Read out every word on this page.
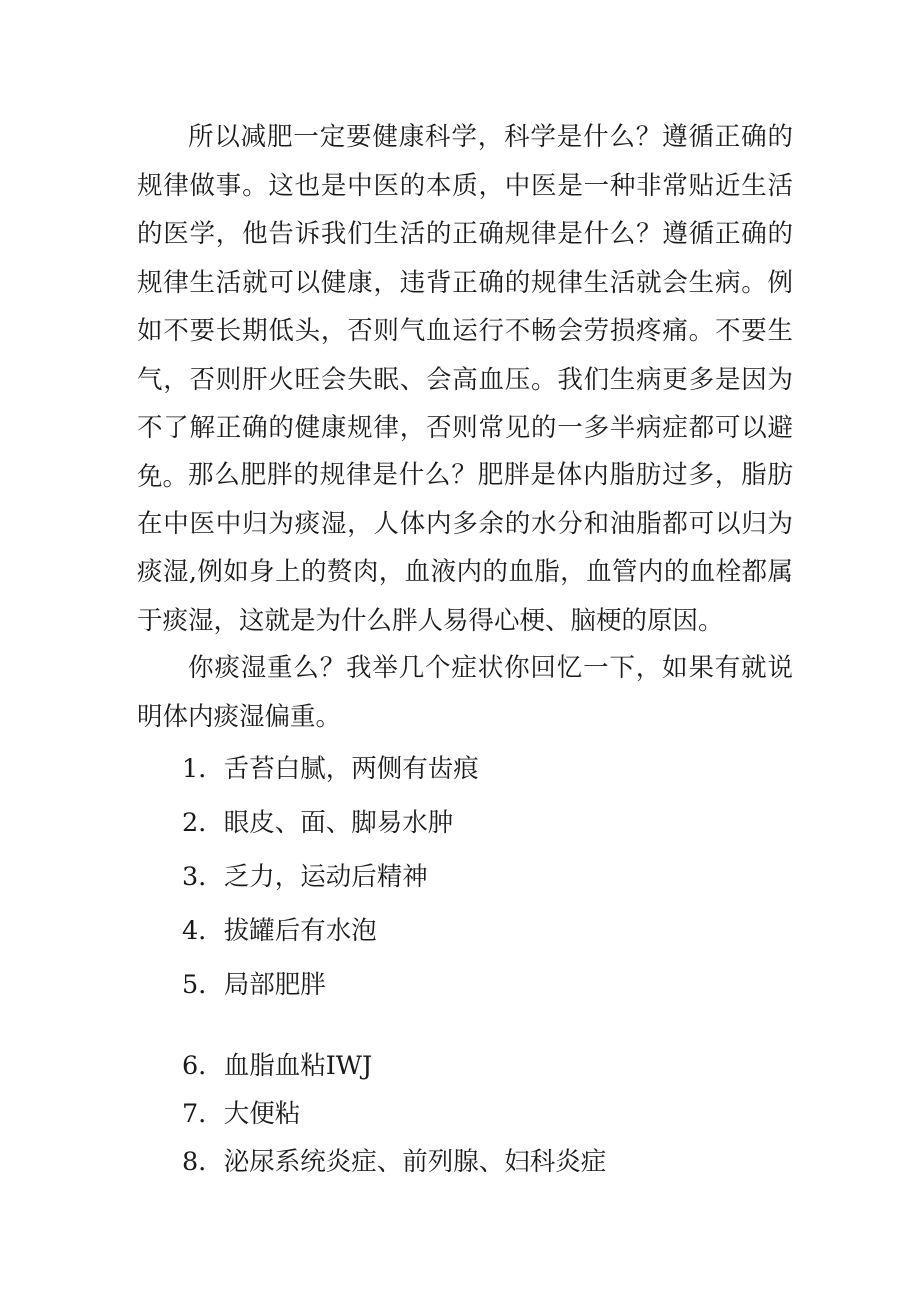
所以减肥一定要健康科学，科学是什么？遵循正确的规律做事。这也是中医的本质，中医是一种非常贴近生活的医学，他告诉我们生活的正确规律是什么？遵循正确的规律生活就可以健康，违背正确的规律生活就会生病。例如不要长期低头，否则气血运行不畅会劳损疼痛。不要生气，否则肝火旺会失眠、会高血压。我们生病更多是因为不了解正确的健康规律，否则常见的一多半病症都可以避免。 那么肥胖的规律是什么？肥胖是体内脂肪过多，脂肪在中医中归为痰湿，人体内多余的水分和油脂都可以归为痰湿,例如身上的赘肉，血液内的血脂，血管内的血栓都属于痰湿，这就是为什么胖人易得心梗、脑梗的原因。

你痰湿重么？我举几个症状你回忆一下，如果有就说明体内痰湿偏重。

1．舌苔白腻，两侧有齿痕

2．眼皮、面、脚易水肿

3．乏力，运动后精神

4．拔罐后有水泡

5．局部肥胖

6．血脂血粘IWJ

7．大便粘

8．泌尿系统炎症、前列腺、妇科炎症
